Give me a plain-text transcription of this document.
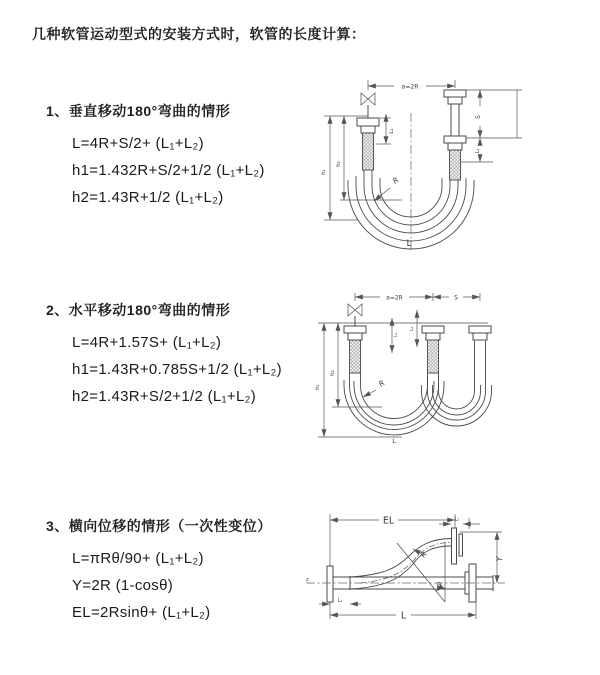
几种软管运动型式的安装方式时，软管的长度计算：
1、垂直移动180°弯曲的情形
L=4R+S/2+ (L₁+L₂)
h1=1.432R+S/2+1/2 (L₁+L₂)
h2=1.43R+1/2 (L₁+L₂)
2、水平移动180°弯曲的情形
L=4R+1.57S+ (L₁+L₂)
h1=1.43R+0.785S+1/2 (L₁+L₂)
h2=1.43R+S/2+1/2 (L₁+L₂)
3、横向位移的情形（一次性变位）
L=πRθ/90+ (L₁+L₂)
Y=2R (1-cosθ)
EL=2Rsinθ+ (L₁+L₂)
a=2R
L₁
h₂
h₁
S
L₂
R
L
a=2R	S
h₂
h₁
L₁
L₂
R
L
EL	L₂
z
θ
R	Y
L₁
L
